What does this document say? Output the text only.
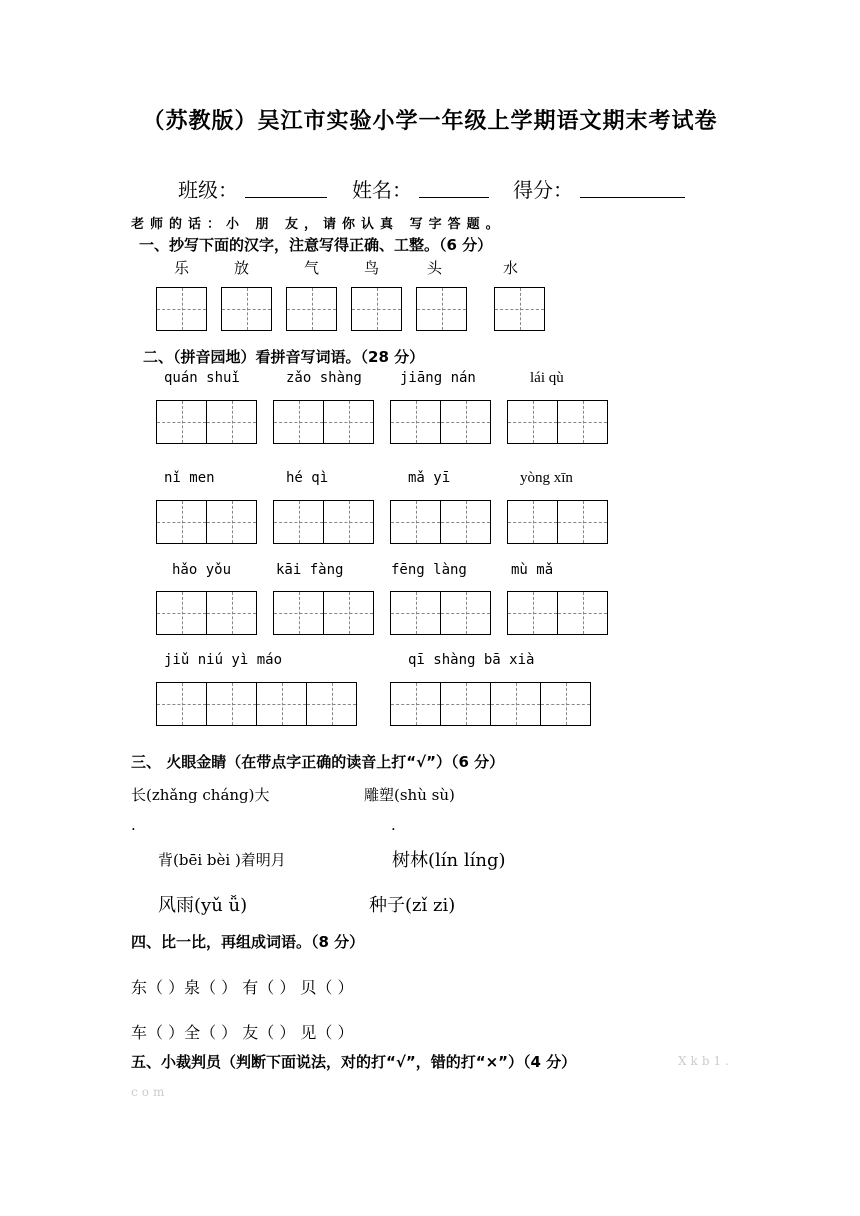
（苏教版）吴江市实验小学一年级上学期语文期末考试卷
班级：	姓名：	得分：
老师的话：小 朋 友，请你认真 写字答题。
一、抄写下面的汉字，注意写得正确、工整。（6 分）
乐	放	气	鸟	头	水
二、（拼音园地）看拼音写词语。（28 分）
quán shuǐ	zǎo shàng	jiāng nán	lái qù
nǐ men	hé qì	mǎ yī	yòng xīn
hǎo yǒu	kāi fàng	fēng làng	mù mǎ
jiǔ niú yì máo	qī shàng bā xià
三、 火眼金睛（在带点字正确的读音上打“√”）（6 分）
长(zhǎng cháng)大	雕塑(shù sù)
.	.
背(bēi bèi )着明月	树林(lín líng)
风雨(yǔ ǚ)	种子(zǐ zi)
四、比一比，再组成词语。（8 分）
东（ ）泉（ ） 有（ ） 贝（ ）
车（ ）全（ ） 友（ ） 见（ ）
五、小裁判员（判断下面说法，对的打“√”，错的打“×”）（4 分）	Xkb1.
com
